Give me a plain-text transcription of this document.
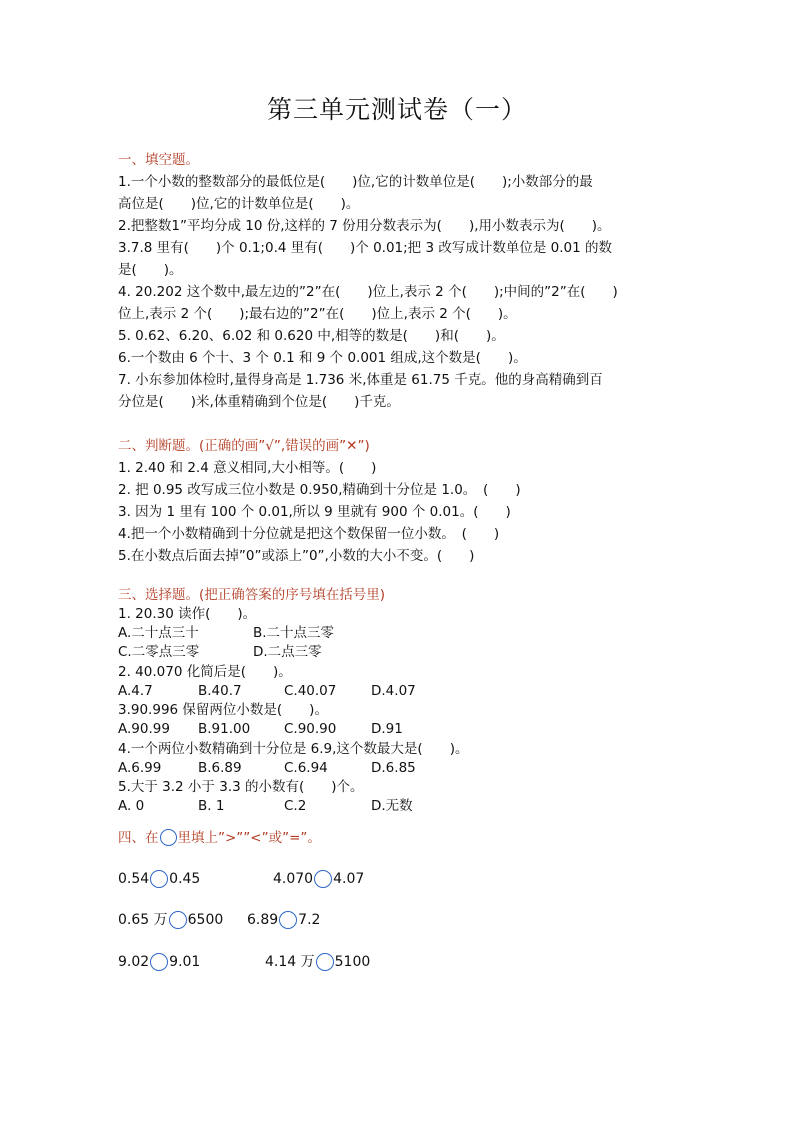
第三单元测试卷（一）
一、填空题。
1.一个小数的整数部分的最低位是(　　)位,它的计数单位是(　　);小数部分的最
高位是(　　)位,它的计数单位是(　　)。
2.把整数1”平均分成 10 份,这样的 7 份用分数表示为(　　),用小数表示为(　　)。
3.7.8 里有(　　)个 0.1;0.4 里有(　　)个 0.01;把 3 改写成计数单位是 0.01 的数
是(　　)。
4. 20.202 这个数中,最左边的”2”在(　　)位上,表示 2 个(　　);中间的”2”在(　　)
位上,表示 2 个(　　);最右边的”2”在(　　)位上,表示 2 个(　　)。
5. 0.62、6.20、6.02 和 0.620 中,相等的数是(　　)和(　　)。
6.一个数由 6 个十、3 个 0.1 和 9 个 0.001 组成,这个数是(　　)。
7. 小东参加体检时,量得身高是 1.736 米,体重是 61.75 千克。他的身高精确到百
分位是(　　)米,体重精确到个位是(　　)千克。
二、判断题。(正确的画”√”,错误的画”✕”)
1. 2.40 和 2.4 意义相同,大小相等。(　　)
2. 把 0.95 改写成三位小数是 0.950,精确到十分位是 1.0。　(　　)
3. 因为 1 里有 100 个 0.01,所以 9 里就有 900 个 0.01。(　　)
4.把一个小数精确到十分位就是把这个数保留一位小数。　(　　)
5.在小数点后面去掉”0”或添上”0”,小数的大小不变。(　　)
三、选择题。(把正确答案的序号填在括号里)
1. 20.30 读作(　　)。
A.二十点三十	B.二十点三零
C.二零点三零	D.二点三零
2. 40.070 化简后是(　　)。
A.4.7	B.40.7	C.40.07	D.4.07
3.90.996 保留两位小数是(　　)。
A.90.99 B.91.00	C.90.90	D.91
4.一个两位小数精确到十分位是 6.9,这个数最大是(　　)。
A.6.99	B.6.89	C.6.94	D.6.85
5.大于 3.2 小于 3.3 的小数有(　　)个。
A. 0	B. 1	C.2	D.无数
四、在 里填上”>””<”或”=”。
0.54 0.45	4.070 4.07
0.65 万 6500 6.89 7.2
9.02 9.01	4.14 万 5100
